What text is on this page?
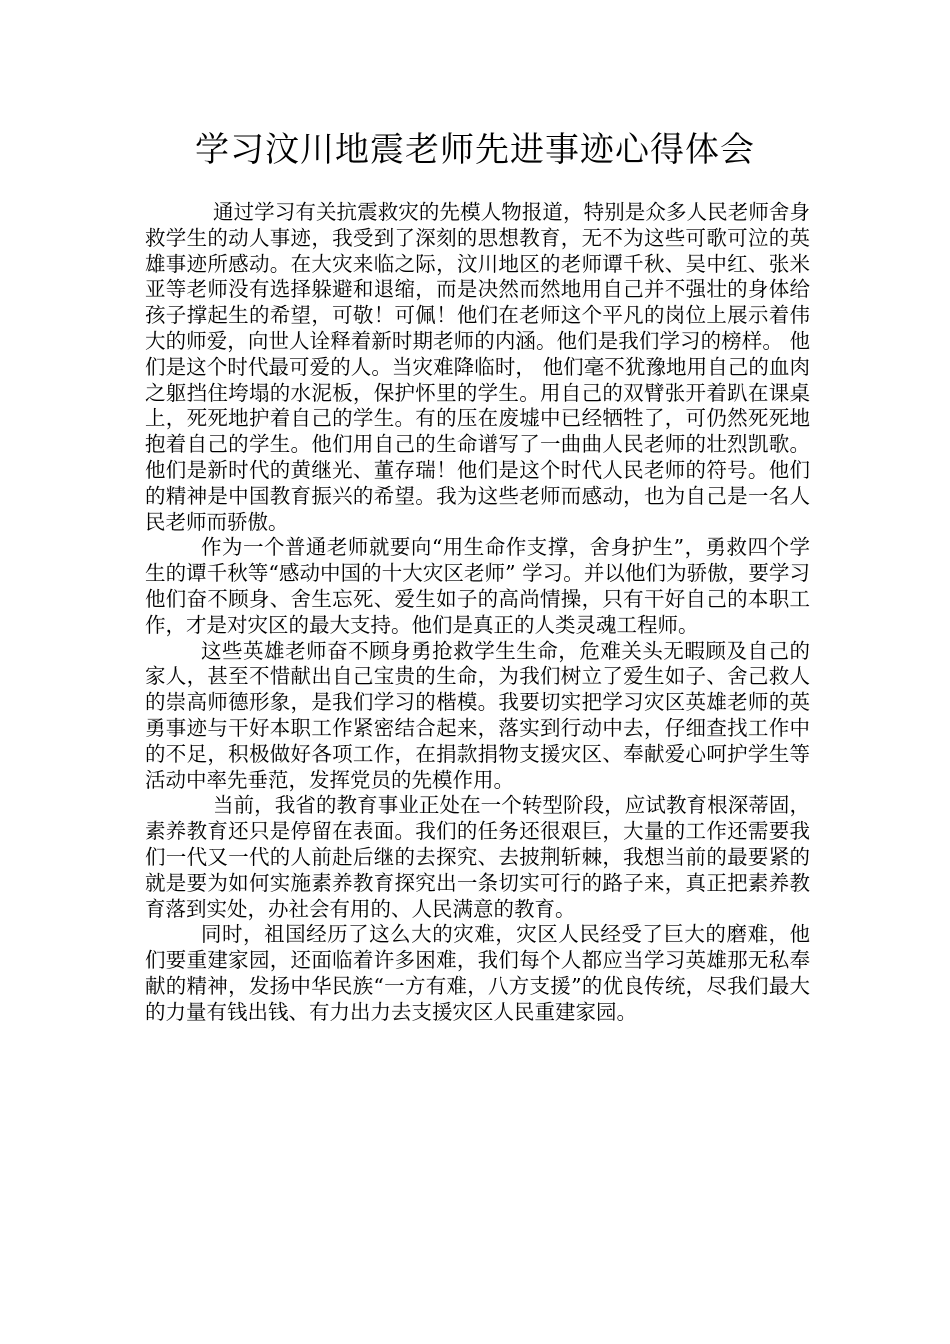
学习汶川地震老师先进事迹心得体会

通过学习有关抗震救灾的先模人物报道，特别是众多人民老师舍身救学生的动人事迹，我受到了深刻的思想教育，无不为这些可歌可泣的英雄事迹所感动。在大灾来临之际，汶川地区的老师谭千秋、吴中红、张米亚等老师没有选择躲避和退缩，而是决然而然地用自己并不强壮的身体给孩子撑起生的希望，可敬！可佩！他们在老师这个平凡的岗位上展示着伟大的师爱，向世人诠释着新时期老师的内涵。他们是我们学习的榜样。 他们是这个时代最可爱的人。当灾难降临时， 他们毫不犹豫地用自己的血肉之躯挡住垮塌的水泥板，保护怀里的学生。用自己的双臂张开着趴在课桌上，死死地护着自己的学生。有的压在废墟中已经牺牲了，可仍然死死地抱着自己的学生。他们用自己的生命谱写了一曲曲人民老师的壮烈凯歌。他们是新时代的黄继光、董存瑞！他们是这个时代人民老师的符号。他们的精神是中国教育振兴的希望。我为这些老师而感动，也为自己是一名人民老师而骄傲。

作为一个普通老师就要向“用生命作支撑，舍身护生”，勇救四个学生的谭千秋等“感动中国的十大灾区老师” 学习。并以他们为骄傲，要学习他们奋不顾身、舍生忘死、爱生如子的高尚情操，只有干好自己的本职工作，才是对灾区的最大支持。他们是真正的人类灵魂工程师。

这些英雄老师奋不顾身勇抢救学生生命，危难关头无暇顾及自己的家人，甚至不惜献出自己宝贵的生命，为我们树立了爱生如子、舍己救人的崇高师德形象，是我们学习的楷模。我要切实把学习灾区英雄老师的英勇事迹与干好本职工作紧密结合起来，落实到行动中去，仔细查找工作中的不足，积极做好各项工作，在捐款捐物支援灾区、奉献爱心呵护学生等活动中率先垂范，发挥党员的先模作用。

当前，我省的教育事业正处在一个转型阶段，应试教育根深蒂固，素养教育还只是停留在表面。我们的任务还很艰巨，大量的工作还需要我们一代又一代的人前赴后继的去探究、去披荆斩棘，我想当前的最要紧的就是要为如何实施素养教育探究出一条切实可行的路子来，真正把素养教育落到实处，办社会有用的、人民满意的教育。

同时，祖国经历了这么大的灾难，灾区人民经受了巨大的磨难，他们要重建家园，还面临着许多困难，我们每个人都应当学习英雄那无私奉献的精神，发扬中华民族“一方有难，八方支援”的优良传统，尽我们最大的力量有钱出钱、有力出力去支援灾区人民重建家园。
